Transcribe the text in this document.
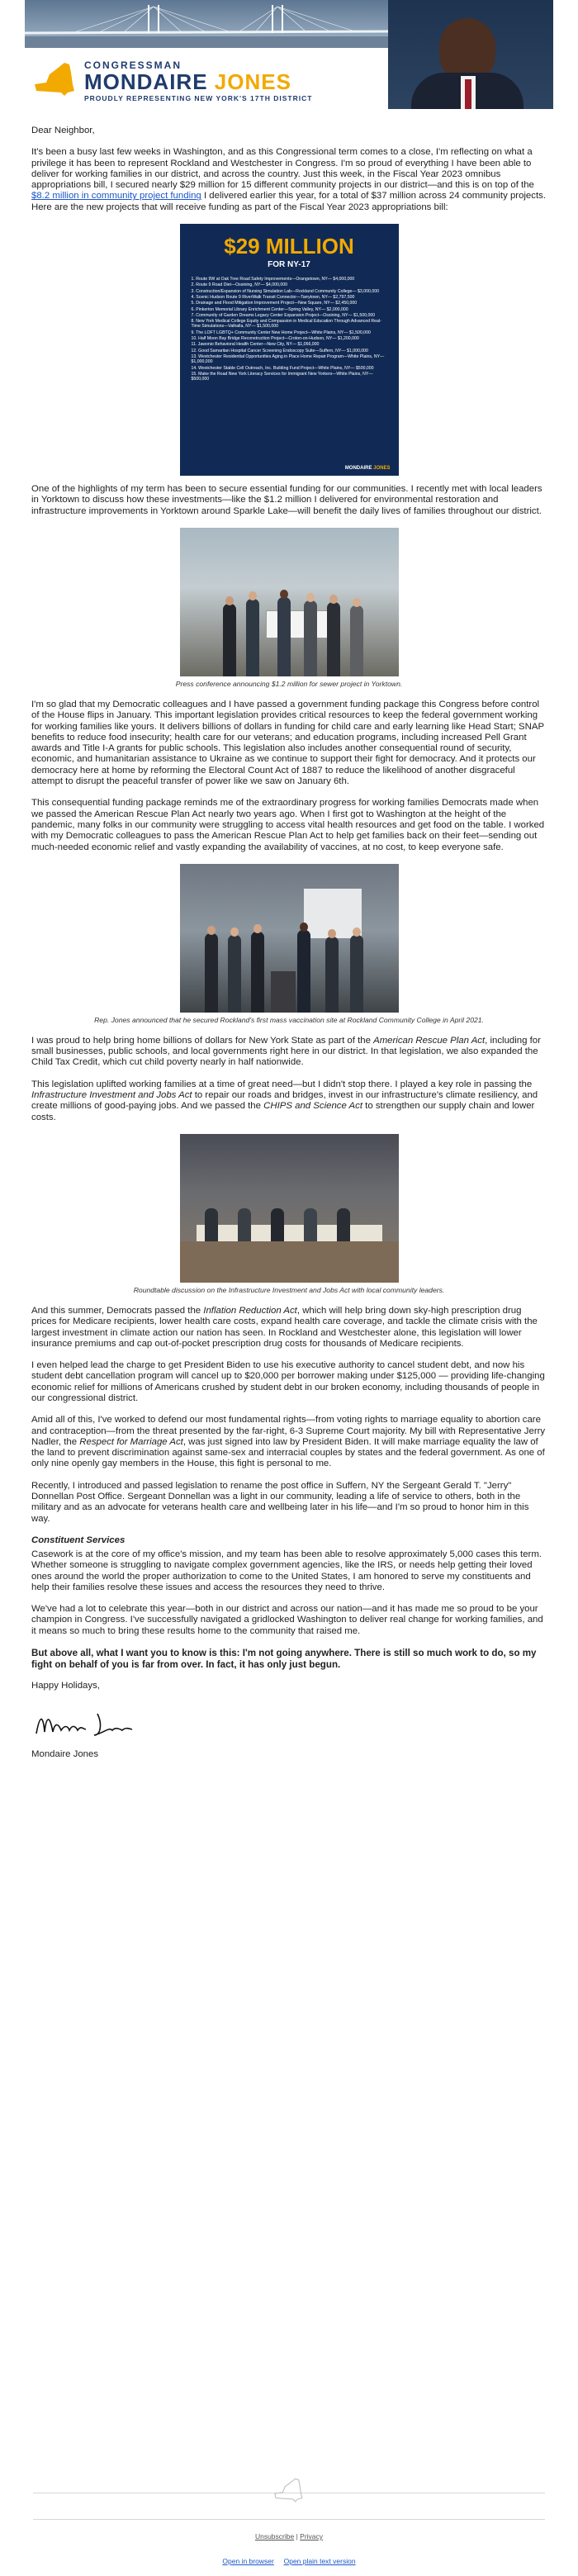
CONGRESSMAN
MONDAIRE JONES
PROUDLY REPRESENTING NEW YORK'S 17TH DISTRICT

Dear Neighbor,

It's been a busy last few weeks in Washington, and as this Congressional term comes to a close, I'm reflecting on what a privilege it has been to represent Rockland and Westchester in Congress. I'm so proud of everything I have been able to deliver for working families in our district, and across the country. Just this week, in the Fiscal Year 2023 omnibus appropriations bill, I secured nearly $29 million for 15 different community projects in our district—and this is on top of the $8.2 million in community project funding I delivered earlier this year, for a total of $37 million across 24 community projects. Here are the new projects that will receive funding as part of the Fiscal Year 2023 appropriations bill:

$29 MILLION
FOR NY-17
1. Route 9W at Oak Tree Road Safety Improvements—Orangetown, NY— $4,000,000
2. Route 9 Road Diet—Ossining, NY— $4,000,000
3. Construction/Expansion of Nursing Simulation Lab—Rockland Community College— $3,000,000
4. Scenic Hudson Route 9 RiverWalk Transit Connector—Tarrytown, NY— $2,797,500
5. Drainage and Flood Mitigation Improvement Project—New Square, NY— $2,450,000
6. Pinkerton Memorial Library Enrichment Center—Spring Valley, NY— $2,000,000
7. Community of Garden Dreams Legacy Center Expansion Project—Ossining, NY— $1,500,000
8. New York Medical College Equity and Compassion in Medical Education Through Advanced Real-Time Simulations—Valhalla, NY— $1,500,000
9. The LOFT LGBTQ+ Community Center New Home Project—White Plains, NY— $1,500,000
10. Half Moon Bay Bridge Reconstruction Project—Croton-on-Hudson, NY— $1,200,000
11. Jawonio Behavioral Health Center—New City, NY— $1,066,000
12. Good Samaritan Hospital Cancer Screening Endoscopy Suite—Suffern, NY— $1,000,000
13. Westchester Residential Opportunities Aging in Place Home Repair Program—White Plains, NY— $1,000,000
14. Westchester Stable Cell Outreach, Inc. Building Fund Project—White Plains, NY— $500,000
15. Make the Road New York Literacy Services for Immigrant New Yorkers—White Plains, NY— $500,000
MONDAIRE JONES

One of the highlights of my term has been to secure essential funding for our communities. I recently met with local leaders in Yorktown to discuss how these investments—like the $1.2 million I delivered for environmental restoration and infrastructure improvements in Yorktown around Sparkle Lake—will benefit the daily lives of families throughout our district.

Press conference announcing $1.2 million for sewer project in Yorktown.

I'm so glad that my Democratic colleagues and I have passed a government funding package this Congress before control of the House flips in January. This important legislation provides critical resources to keep the federal government working for working families like yours. It delivers billions of dollars in funding for child care and early learning like Head Start; SNAP benefits to reduce food insecurity; health care for our veterans; and education programs, including increased Pell Grant awards and Title I-A grants for public schools. This legislation also includes another consequential round of security, economic, and humanitarian assistance to Ukraine as we continue to support their fight for democracy. And it protects our democracy here at home by reforming the Electoral Count Act of 1887 to reduce the likelihood of another disgraceful attempt to disrupt the peaceful transfer of power like we saw on January 6th.

This consequential funding package reminds me of the extraordinary progress for working families Democrats made when we passed the American Rescue Plan Act nearly two years ago. When I first got to Washington at the height of the pandemic, many folks in our community were struggling to access vital health resources and get food on the table. I worked with my Democratic colleagues to pass the American Rescue Plan Act to help get families back on their feet—sending out much-needed economic relief and vastly expanding the availability of vaccines, at no cost, to keep everyone safe.

Rep. Jones announced that he secured Rockland's first mass vaccination site at Rockland Community College in April 2021.

I was proud to help bring home billions of dollars for New York State as part of the American Rescue Plan Act, including for small businesses, public schools, and local governments right here in our district. In that legislation, we also expanded the Child Tax Credit, which cut child poverty nearly in half nationwide.

This legislation uplifted working families at a time of great need—but I didn't stop there. I played a key role in passing the Infrastructure Investment and Jobs Act to repair our roads and bridges, invest in our infrastructure's climate resiliency, and create millions of good-paying jobs. And we passed the CHIPS and Science Act to strengthen our supply chain and lower costs.

Roundtable discussion on the Infrastructure Investment and Jobs Act with local community leaders.

And this summer, Democrats passed the Inflation Reduction Act, which will help bring down sky-high prescription drug prices for Medicare recipients, lower health care costs, expand health care coverage, and tackle the climate crisis with the largest investment in climate action our nation has seen. In Rockland and Westchester alone, this legislation will lower insurance premiums and cap out-of-pocket prescription drug costs for thousands of Medicare recipients.

I even helped lead the charge to get President Biden to use his executive authority to cancel student debt, and now his student debt cancellation program will cancel up to $20,000 per borrower making under $125,000 — providing life-changing economic relief for millions of Americans crushed by student debt in our broken economy, including thousands of people in our congressional district.

Amid all of this, I've worked to defend our most fundamental rights—from voting rights to marriage equality to abortion care and contraception—from the threat presented by the far-right, 6-3 Supreme Court majority. My bill with Representative Jerry Nadler, the Respect for Marriage Act, was just signed into law by President Biden. It will make marriage equality the law of the land to prevent discrimination against same-sex and interracial couples by states and the federal government. As one of only nine openly gay members in the House, this fight is personal to me.

Recently, I introduced and passed legislation to rename the post office in Suffern, NY the Sergeant Gerald T. "Jerry" Donnellan Post Office. Sergeant Donnellan was a light in our community, leading a life of service to others, both in the military and as an advocate for veterans health care and wellbeing later in his life—and I'm so proud to honor him in this way.

Constituent Services

Casework is at the core of my office's mission, and my team has been able to resolve approximately 5,000 cases this term. Whether someone is struggling to navigate complex government agencies, like the IRS, or needs help getting their loved ones around the world the proper authorization to come to the United States, I am honored to serve my constituents and help their families resolve these issues and access the resources they need to thrive.

We've had a lot to celebrate this year—both in our district and across our nation—and it has made me so proud to be your champion in Congress. I've successfully navigated a gridlocked Washington to deliver real change for working families, and it means so much to bring these results home to the community that raised me.

But above all, what I want you to know is this: I'm not going anywhere. There is still so much work to do, so my fight on behalf of you is far from over. In fact, it has only just begun.

Happy Holidays,

Mondaire Jones

Unsubscribe | Privacy
Open in browser Open plain text version
